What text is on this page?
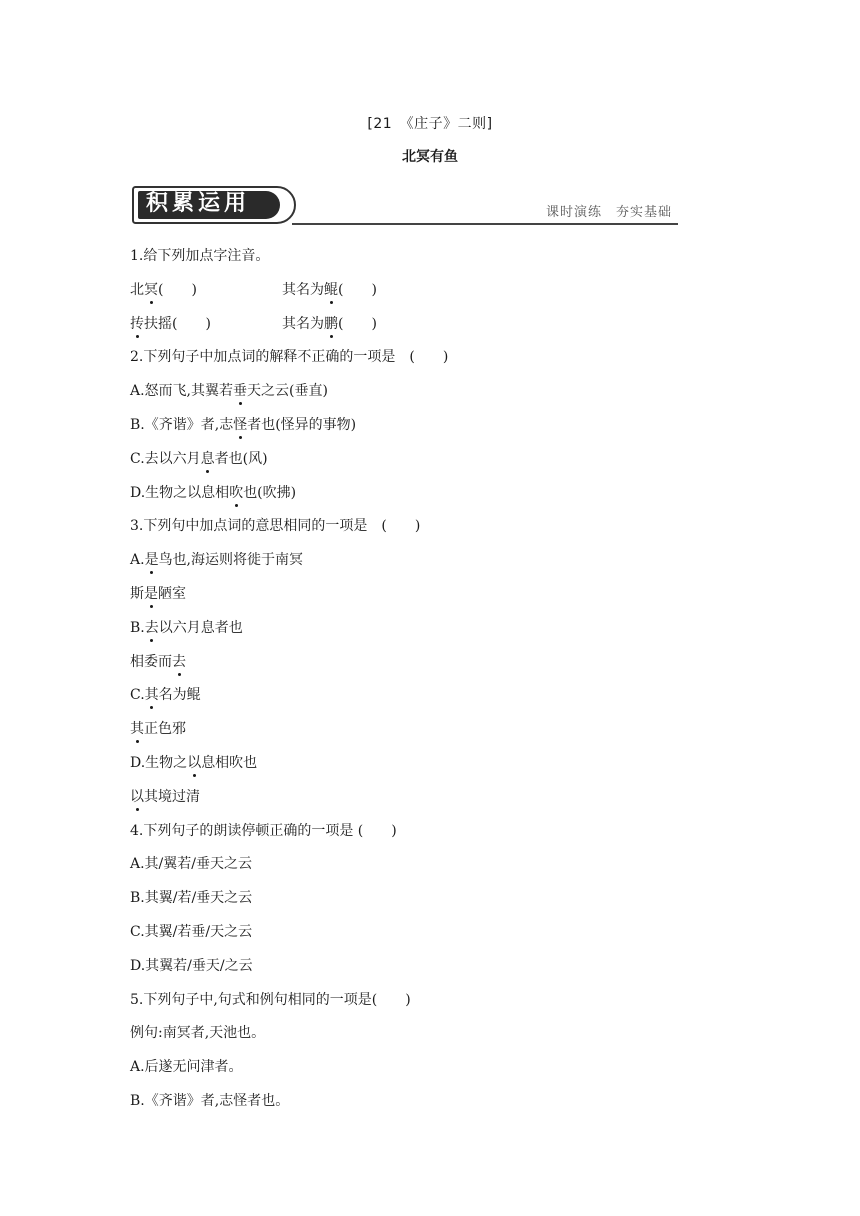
[21　《庄子》二则]
北冥有鱼
积累运用	课时演练 夯实基础
1.给下列加点字注音。
北冥(　　)	其名为鲲(　　)
抟扶摇(　　)	其名为鹏(　　)
2.下列句子中加点词的解释不正确的一项是　(　　)
A.怒而飞,其翼若垂天之云(垂直)
B.《齐谐》者,志怪者也(怪异的事物)
C.去以六月息者也(风)
D.生物之以息相吹也(吹拂)
3.下列句中加点词的意思相同的一项是　(　　)
A.是鸟也,海运则将徙于南冥
斯是陋室
B.去以六月息者也
相委而去
C.其名为鲲
其正色邪
D.生物之以息相吹也
以其境过清
4.下列句子的朗读停顿正确的一项是 (　　)
A.其/翼若/垂天之云
B.其翼/若/垂天之云
C.其翼/若垂/天之云
D.其翼若/垂天/之云
5.下列句子中,句式和例句相同的一项是(　　)
例句:南冥者,天池也。
A.后遂无问津者。
B.《齐谐》者,志怪者也。
